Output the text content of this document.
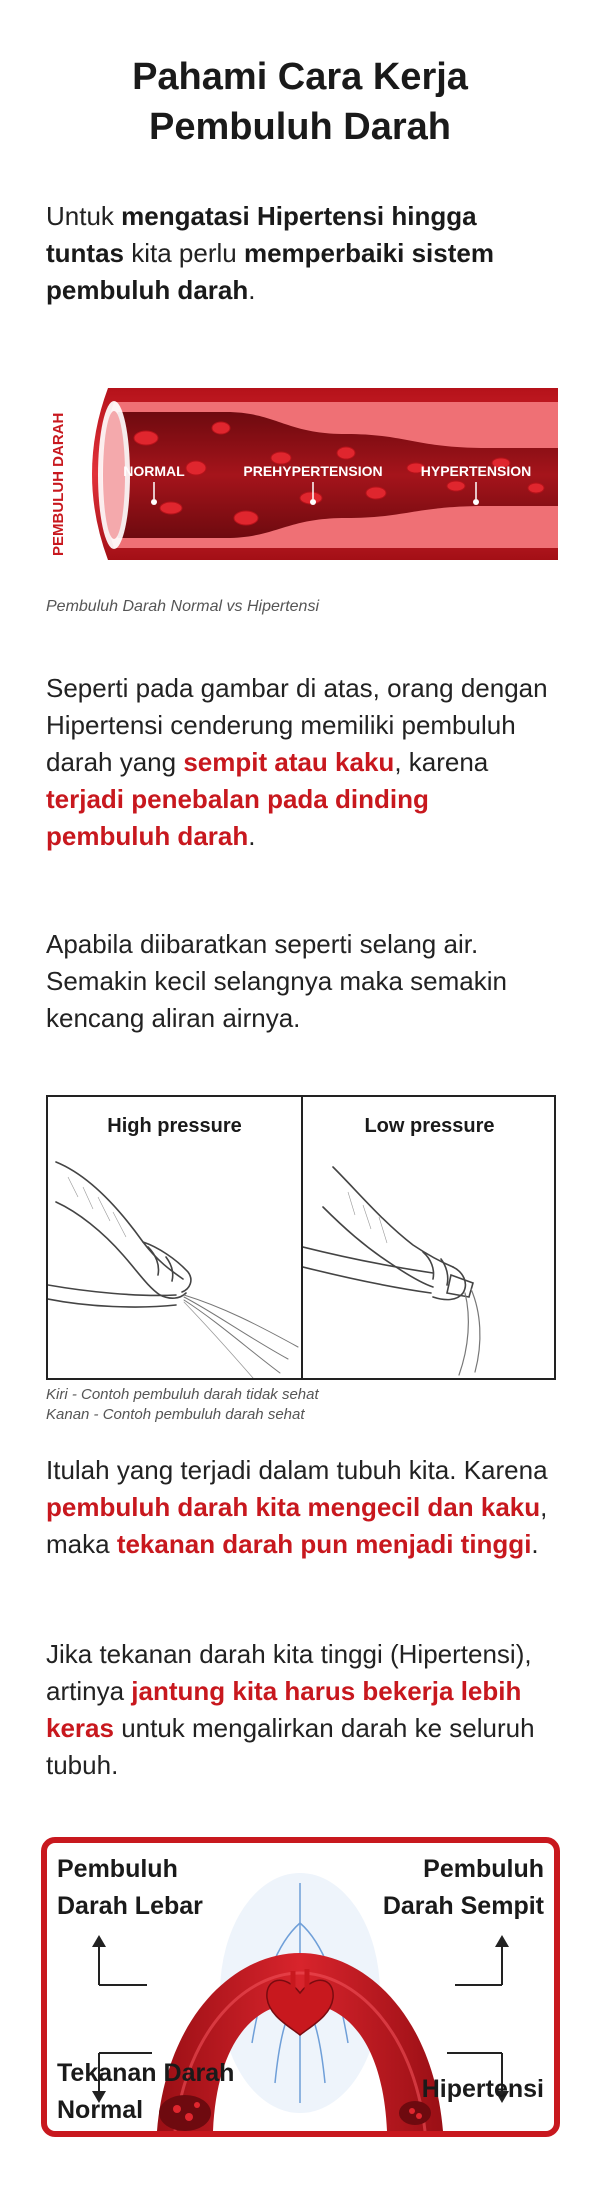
Pahami Cara Kerja
Pembuluh Darah

Untuk mengatasi Hipertensi hingga tuntas kita perlu memperbaiki sistem pembuluh darah.

NORMAL	PREHYPERTENSION	HYPERTENSION
PEMBULUH DARAH
Pembuluh Darah Normal vs Hipertensi

Seperti pada gambar di atas, orang dengan Hipertensi cenderung memiliki pembuluh darah yang sempit atau kaku, karena terjadi penebalan pada dinding pembuluh darah.

Apabila diibaratkan seperti selang air. Semakin kecil selangnya maka semakin kencang aliran airnya.

High pressure	Low pressure
Kiri - Contoh pembuluh darah tidak sehat
Kanan - Contoh pembuluh darah sehat

Itulah yang terjadi dalam tubuh kita. Karena pembuluh darah kita mengecil dan kaku, maka tekanan darah pun menjadi tinggi.

Jika tekanan darah kita tinggi (Hipertensi), artinya jantung kita harus bekerja lebih keras untuk mengalirkan darah ke seluruh tubuh.

Pembuluh
Darah Lebar
Pembuluh
Darah Sempit
Tekanan Darah
Normal
Hipertensi
